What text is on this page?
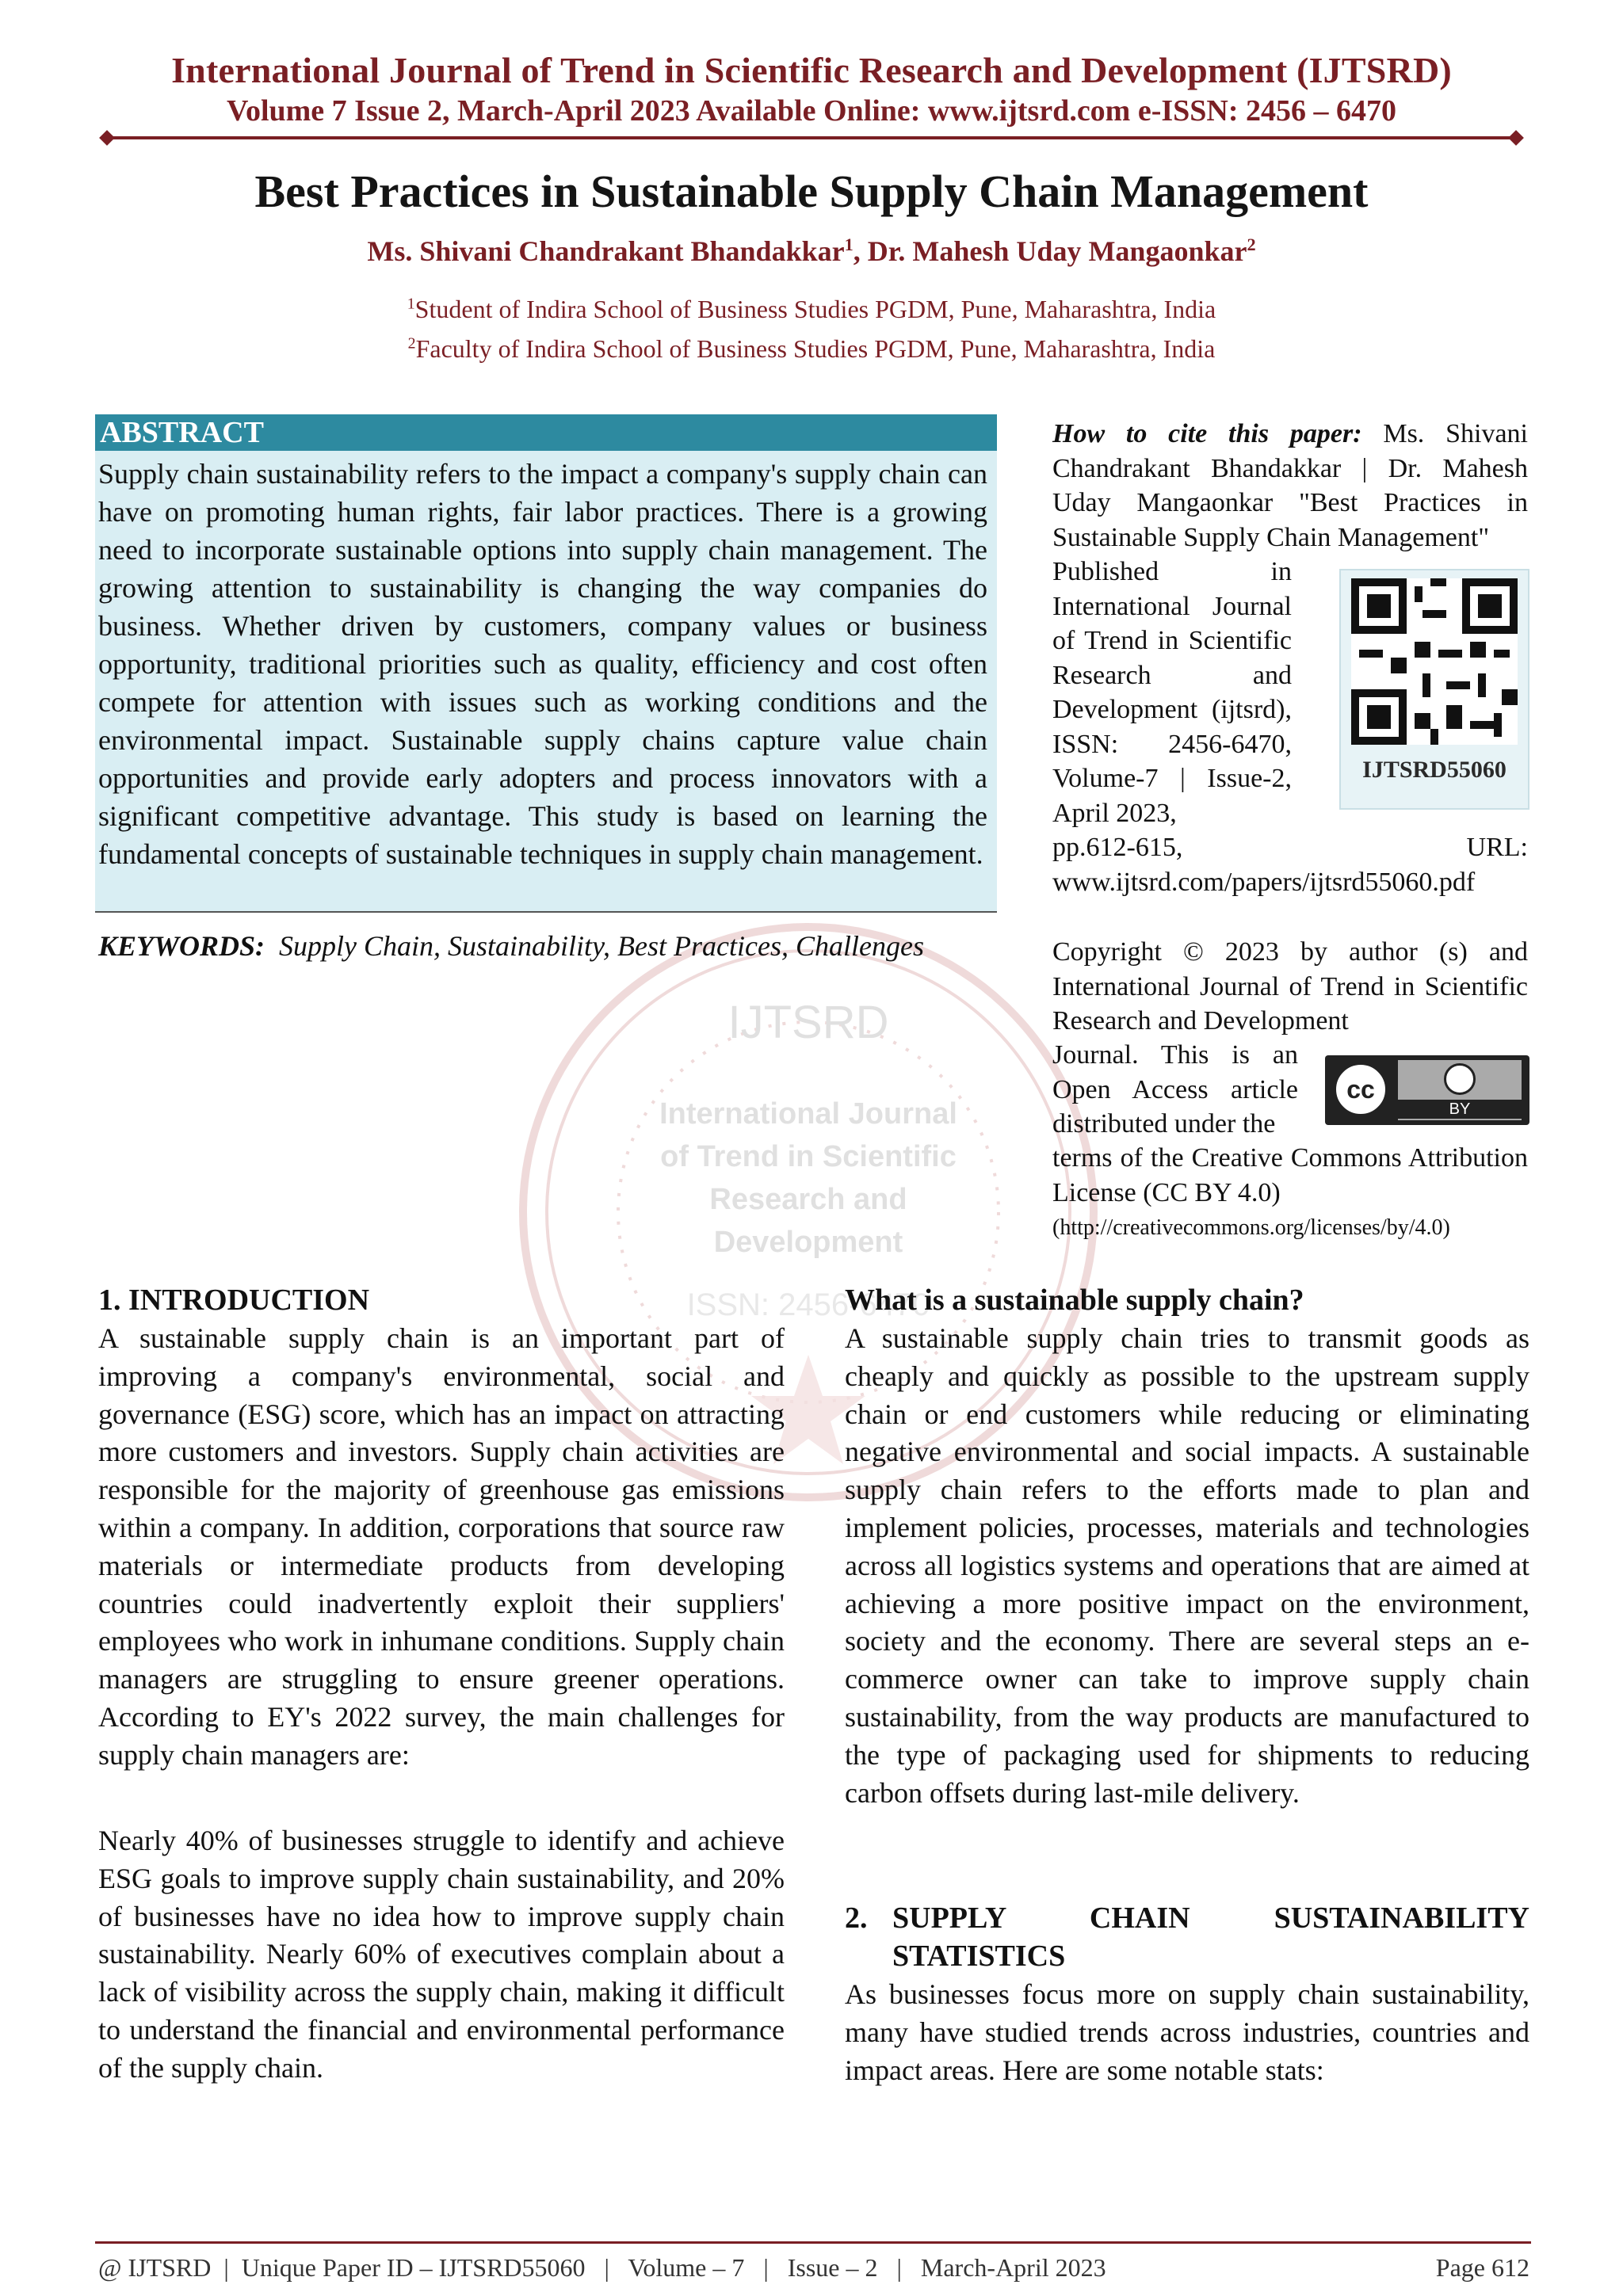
International Journal of Trend in Scientific Research and Development (IJTSRD)
Volume 7 Issue 2, March-April 2023 Available Online: www.ijtsrd.com e-ISSN: 2456 – 6470
Best Practices in Sustainable Supply Chain Management
Ms. Shivani Chandrakant Bhandakkar$^1$, Dr. Mahesh Uday Mangaonkar$^2$
$^1$Student of Indira School of Business Studies PGDM, Pune, Maharashtra, India
$^2$Faculty of Indira School of Business Studies PGDM, Pune, Maharashtra, India
IJTSRD
International Journal
of Trend in Scientific
Research and
Development
ISSN: 2456-6470
ABSTRACT
Supply chain sustainability refers to the impact a company's supply chain can have on promoting human rights, fair labor practices. There is a growing need to incorporate sustainable options into supply chain management. The growing attention to sustainability is changing the way companies do business. Whether driven by customers, company values or business opportunity, traditional priorities such as quality, efficiency and cost often compete for attention with issues such as working conditions and the environmental impact. Sustainable supply chains capture value chain opportunities and provide early adopters and process innovators with a significant competitive advantage. This study is based on learning the fundamental concepts of sustainable techniques in supply chain management.
KEYWORDS: Supply Chain, Sustainability, Best Practices, Challenges
How to cite this paper: Ms. Shivani Chandrakant Bhandakkar | Dr. Mahesh Uday Mangaonkar "Best Practices in Sustainable Supply Chain Management"
Published in International Journal of Trend in Scientific Research and Development (ijtsrd), ISSN: 2456-6470, Volume-7 | Issue-2, April 2023,
IJTSRD55060
pp.612-615, URL:
www.ijtsrd.com/papers/ijtsrd55060.pdf
Copyright © 2023 by author (s) and International Journal of Trend in Scientific Research and Development
Journal. This is an Open Access article distributed under the
cc
BY
terms of the Creative Commons Attribution License (CC BY 4.0)
(http://creativecommons.org/licenses/by/4.0)
1. INTRODUCTION
A sustainable supply chain is an important part of improving a company's environmental, social and governance (ESG) score, which has an impact on attracting more customers and investors. Supply chain activities are responsible for the majority of greenhouse gas emissions within a company. In addition, corporations that source raw materials or intermediate products from developing countries could inadvertently exploit their suppliers' employees who work in inhumane conditions. Supply chain managers are struggling to ensure greener operations. According to EY's 2022 survey, the main challenges for supply chain managers are:
Nearly 40% of businesses struggle to identify and achieve ESG goals to improve supply chain sustainability, and 20% of businesses have no idea how to improve supply chain sustainability. Nearly 60% of executives complain about a lack of visibility across the supply chain, making it difficult to understand the financial and environmental performance of the supply chain.
What is a sustainable supply chain?
A sustainable supply chain tries to transmit goods as cheaply and quickly as possible to the upstream supply chain or end customers while reducing or eliminating negative environmental and social impacts. A sustainable supply chain refers to the efforts made to plan and implement policies, processes, materials and technologies across all logistics systems and operations that are aimed at achieving a more positive impact on the environment, society and the economy. There are several steps an e-commerce owner can take to improve supply chain sustainability, from the way products are manufactured to the type of packaging used for shipments to reducing carbon offsets during last-mile delivery.
2. SUPPLY      CHAIN      SUSTAINABILITY
STATISTICS
As businesses focus more on supply chain sustainability, many have studied trends across industries, countries and impact areas. Here are some notable stats:
@ IJTSRD  |  Unique Paper ID – IJTSRD55060   |   Volume – 7   |   Issue – 2   |   March-April 2023	Page 612
